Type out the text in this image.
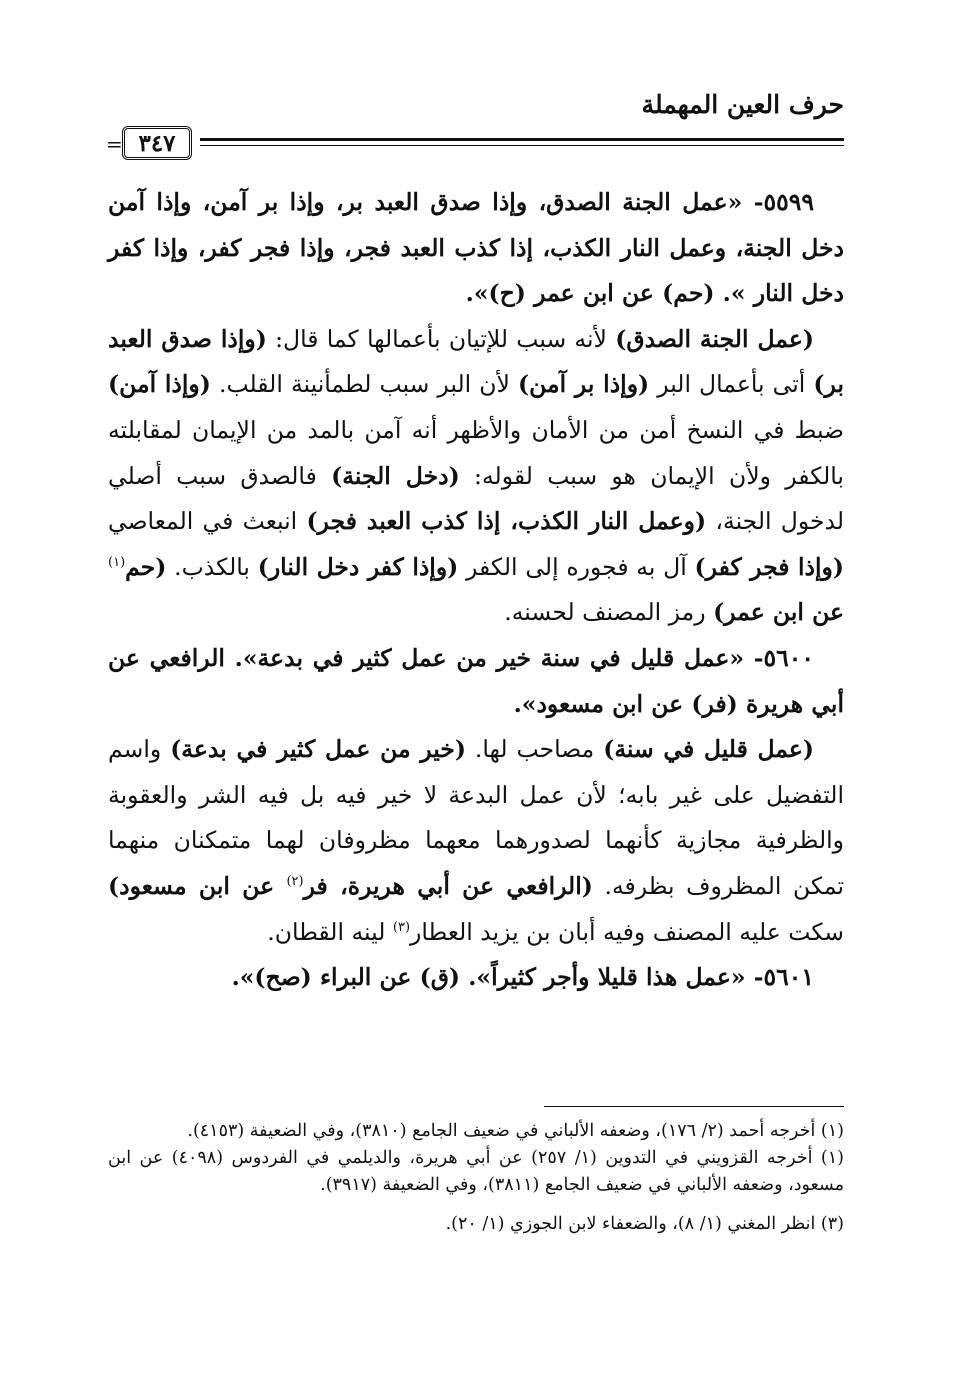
حرف العين المهملة
٣٤٧
=

٥٥٩٩- «عمل الجنة الصدق، وإذا صدق العبد بر، وإذا بر آمن، وإذا آمن دخل الجنة، وعمل النار الكذب، إذا كذب العبد فجر، وإذا فجر كفر، وإذا كفر دخل النار ». (حم) عن ابن عمر (ح)».

(عمل الجنة الصدق) لأنه سبب للإتيان بأعمالها كما قال: (وإذا صدق العبد بر) أتى بأعمال البر (وإذا بر آمن) لأن البر سبب لطمأنينة القلب. (وإذا آمن) ضبط في النسخ أمن من الأمان والأظهر أنه آمن بالمد من الإيمان لمقابلته بالكفر ولأن الإيمان هو سبب لقوله: (دخل الجنة) فالصدق سبب أصلي لدخول الجنة، (وعمل النار الكذب، إذا كذب العبد فجر) انبعث في المعاصي (وإذا فجر كفر) آل به فجوره إلى الكفر (وإذا كفر دخل النار) بالكذب. (حم$^{(١)}$ عن ابن عمر) رمز المصنف لحسنه.

٥٦٠٠- «عمل قليل في سنة خير من عمل كثير في بدعة». الرافعي عن أبي هريرة (فر) عن ابن مسعود».

(عمل قليل في سنة) مصاحب لها. (خير من عمل كثير في بدعة) واسم التفضيل على غير بابه؛ لأن عمل البدعة لا خير فيه بل فيه الشر والعقوبة والظرفية مجازية كأنهما لصدورهما معهما مظروفان لهما متمكنان منهما تمكن المظروف بظرفه. (الرافعي عن أبي هريرة، فر$^{(٢)}$ عن ابن مسعود) سكت عليه المصنف وفيه أبان بن يزيد العطار$^{(٣)}$ لينه القطان.

٥٦٠١- «عمل هذا قليلا وأجر كثيراً». (ق) عن البراء (صح)».

(١) أخرجه أحمد (٢/ ١٧٦)، وضعفه الألباني في ضعيف الجامع (٣٨١٠)، وفي الضعيفة (٤١٥٣).

(١) أخرجه القزويني في التدوين (١/ ٢٥٧) عن أبي هريرة، والديلمي في الفردوس (٤٠٩٨) عن ابن مسعود، وضعفه الألباني في ضعيف الجامع (٣٨١١)، وفي الضعيفة (٣٩١٧).

(٣) انظر المغني (١/ ٨)، والضعفاء لابن الجوزي (١/ ٢٠).
